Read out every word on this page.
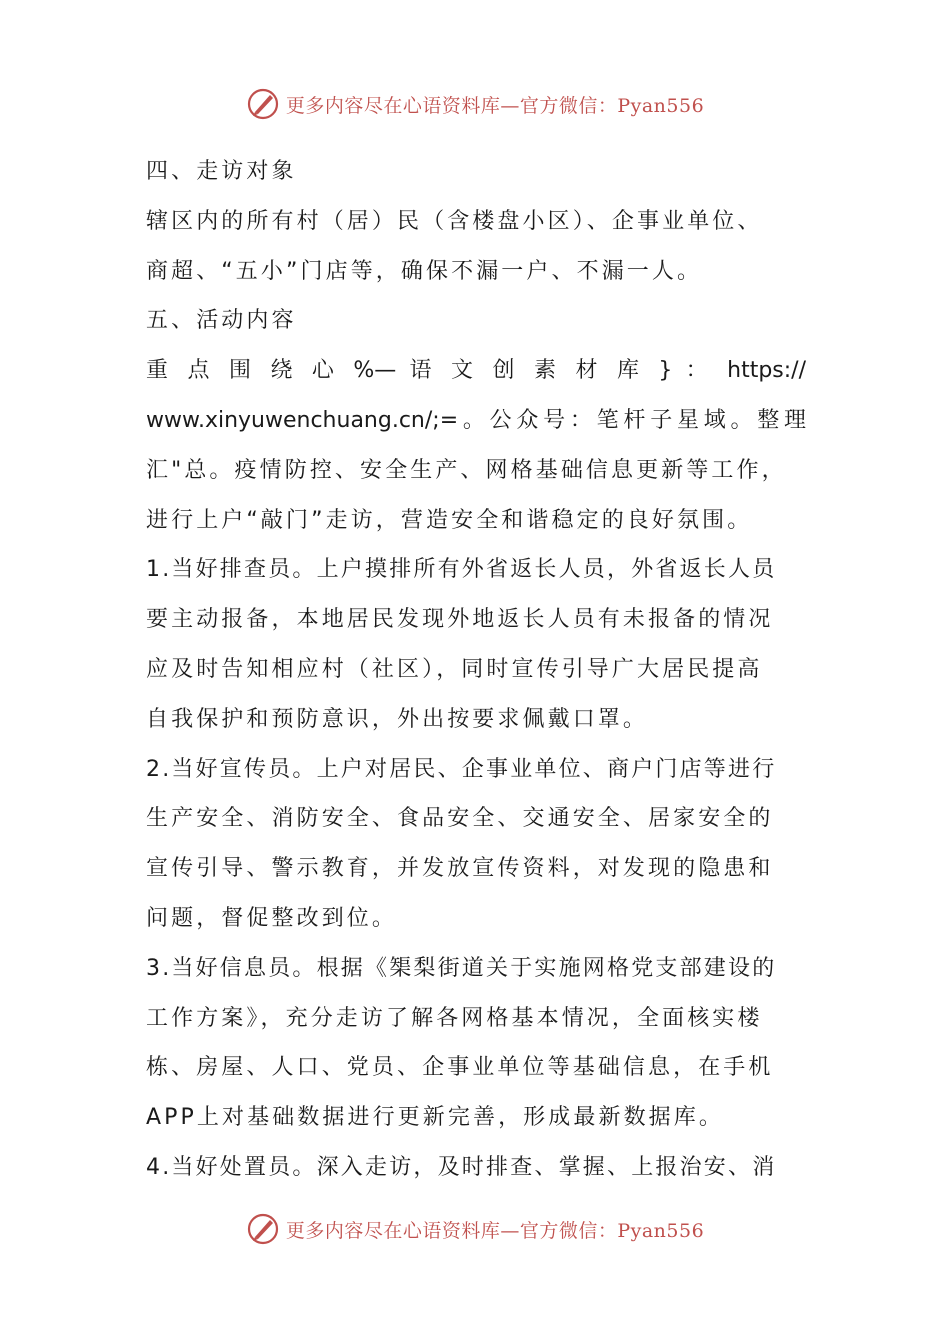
更多内容尽在心语资料库—官方微信：Pyan556
四、走访对象
辖区内的所有村（居）民（含楼盘小区）、企事业单位、
商超、“五小”门店等，确保不漏一户、不漏一人。
五、活动内容
重 点 围 绕 心 %— 语 文 创 素 材 库 } ： https://
www.xinyuwenchuang.cn/;=。公众号：笔杆子星域。整理
汇"总。疫情防控、安全生产、网格基础信息更新等工作，
进行上户“敲门”走访，营造安全和谐稳定的良好氛围。
1.当好排查员。上户摸排所有外省返长人员，外省返长人员
要主动报备，本地居民发现外地返长人员有未报备的情况
应及时告知相应村（社区），同时宣传引导广大居民提高
自我保护和预防意识，外出按要求佩戴口罩。
2.当好宣传员。上户对居民、企事业单位、商户门店等进行
生产安全、消防安全、食品安全、交通安全、居家安全的
宣传引导、警示教育，并发放宣传资料，对发现的隐患和
问题，督促整改到位。
3.当好信息员。根据《榘梨街道关于实施网格党支部建设的
工作方案》，充分走访了解各网格基本情况，全面核实楼
栋、房屋、人口、党员、企事业单位等基础信息，在手机
APP上对基础数据进行更新完善，形成最新数据库。
4.当好处置员。深入走访，及时排查、掌握、上报治安、消
更多内容尽在心语资料库—官方微信：Pyan556
